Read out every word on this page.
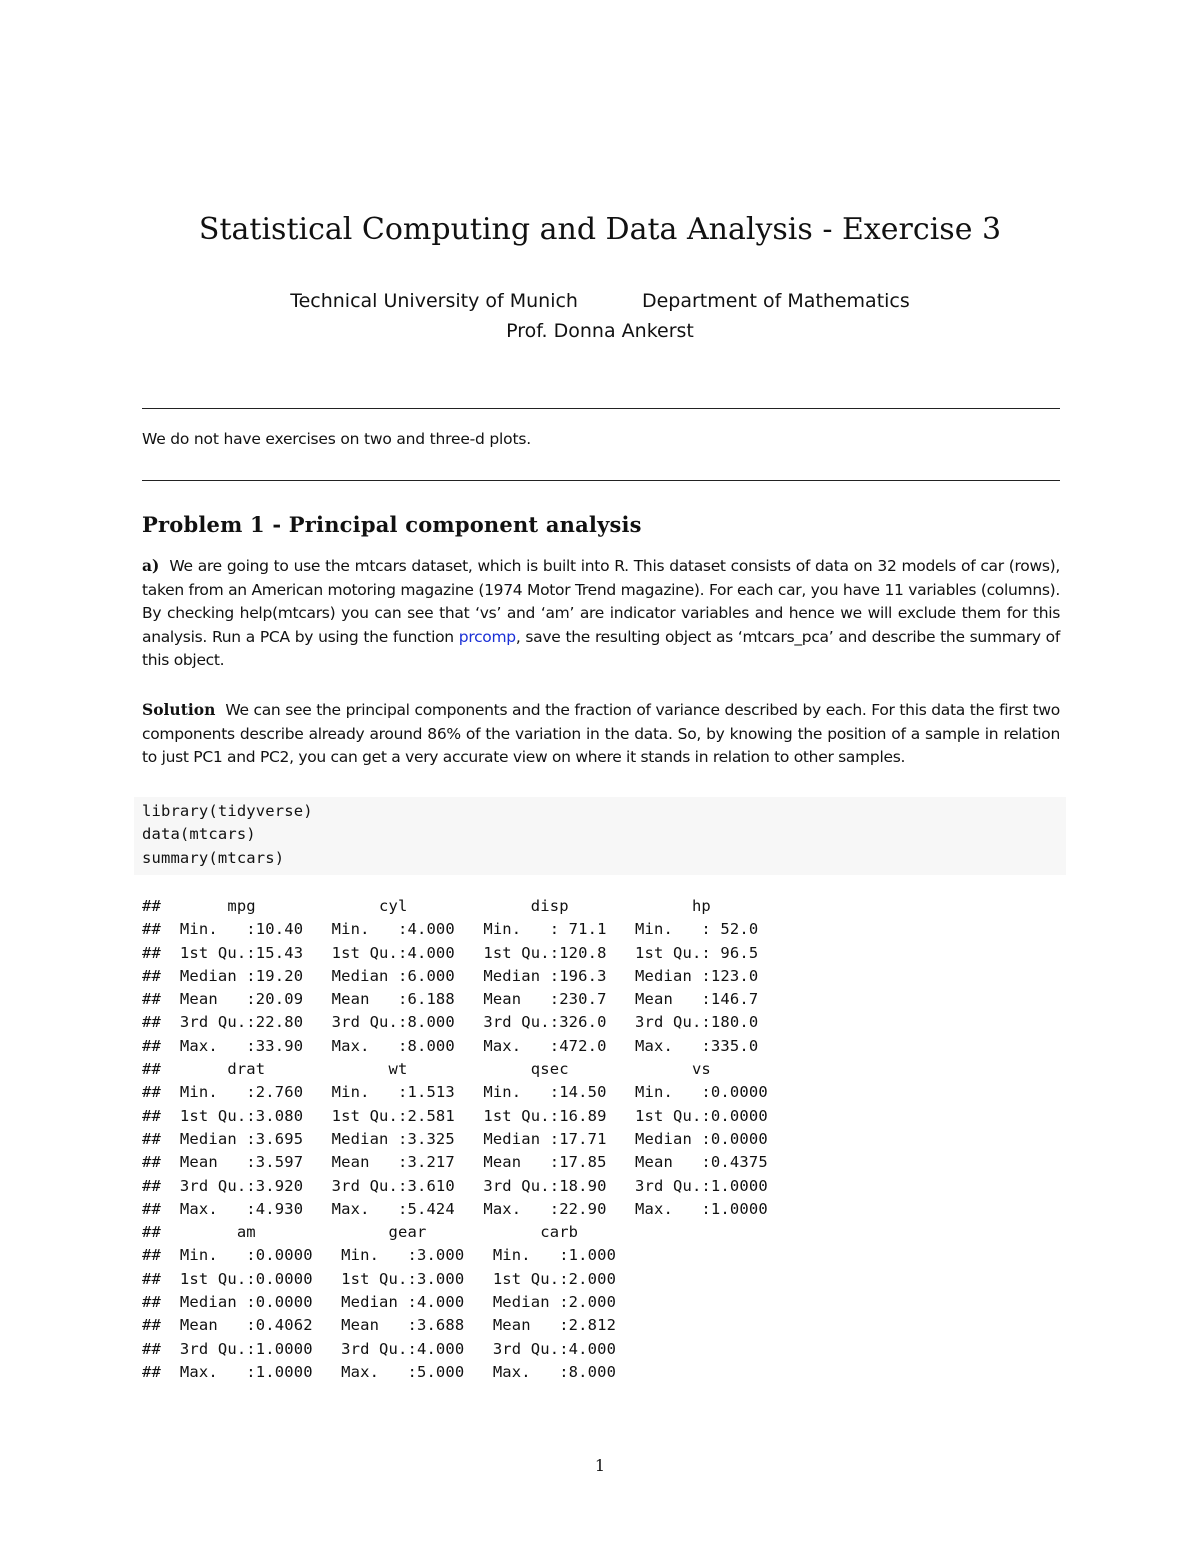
Statistical Computing and Data Analysis - Exercise 3
Technical University of Munich	Department of Mathematics
Prof. Donna Ankerst
We do not have exercises on two and three-d plots.
Problem 1 - Principal component analysis

a) We are going to use the mtcars dataset, which is built into R. This dataset consists of data on 32 models of car (rows), taken from an American motoring magazine (1974 Motor Trend magazine). For each car, you have 11 variables (columns). By checking help(mtcars) you can see that ‘vs’ and ‘am’ are indicator variables and hence we will exclude them for this analysis. Run a PCA by using the function prcomp, save the resulting object as ‘mtcars_pca’ and describe the summary of this object.

Solution We can see the principal components and the fraction of variance described by each. For this data the first two components describe already around 86% of the variation in the data. So, by knowing the position of a sample in relation to just PC1 and PC2, you can get a very accurate view on where it stands in relation to other samples.

library(tidyverse)
data(mtcars)
summary(mtcars)
##       mpg             cyl             disp             hp
##  Min.   :10.40   Min.   :4.000   Min.   : 71.1   Min.   : 52.0
##  1st Qu.:15.43   1st Qu.:4.000   1st Qu.:120.8   1st Qu.: 96.5
##  Median :19.20   Median :6.000   Median :196.3   Median :123.0
##  Mean   :20.09   Mean   :6.188   Mean   :230.7   Mean   :146.7
##  3rd Qu.:22.80   3rd Qu.:8.000   3rd Qu.:326.0   3rd Qu.:180.0
##  Max.   :33.90   Max.   :8.000   Max.   :472.0   Max.   :335.0
##       drat             wt             qsec             vs
##  Min.   :2.760   Min.   :1.513   Min.   :14.50   Min.   :0.0000
##  1st Qu.:3.080   1st Qu.:2.581   1st Qu.:16.89   1st Qu.:0.0000
##  Median :3.695   Median :3.325   Median :17.71   Median :0.0000
##  Mean   :3.597   Mean   :3.217   Mean   :17.85   Mean   :0.4375
##  3rd Qu.:3.920   3rd Qu.:3.610   3rd Qu.:18.90   3rd Qu.:1.0000
##  Max.   :4.930   Max.   :5.424   Max.   :22.90   Max.   :1.0000
##        am              gear            carb
##  Min.   :0.0000   Min.   :3.000   Min.   :1.000
##  1st Qu.:0.0000   1st Qu.:3.000   1st Qu.:2.000
##  Median :0.0000   Median :4.000   Median :2.000
##  Mean   :0.4062   Mean   :3.688   Mean   :2.812
##  3rd Qu.:1.0000   3rd Qu.:4.000   3rd Qu.:4.000
##  Max.   :1.0000   Max.   :5.000   Max.   :8.000
1
